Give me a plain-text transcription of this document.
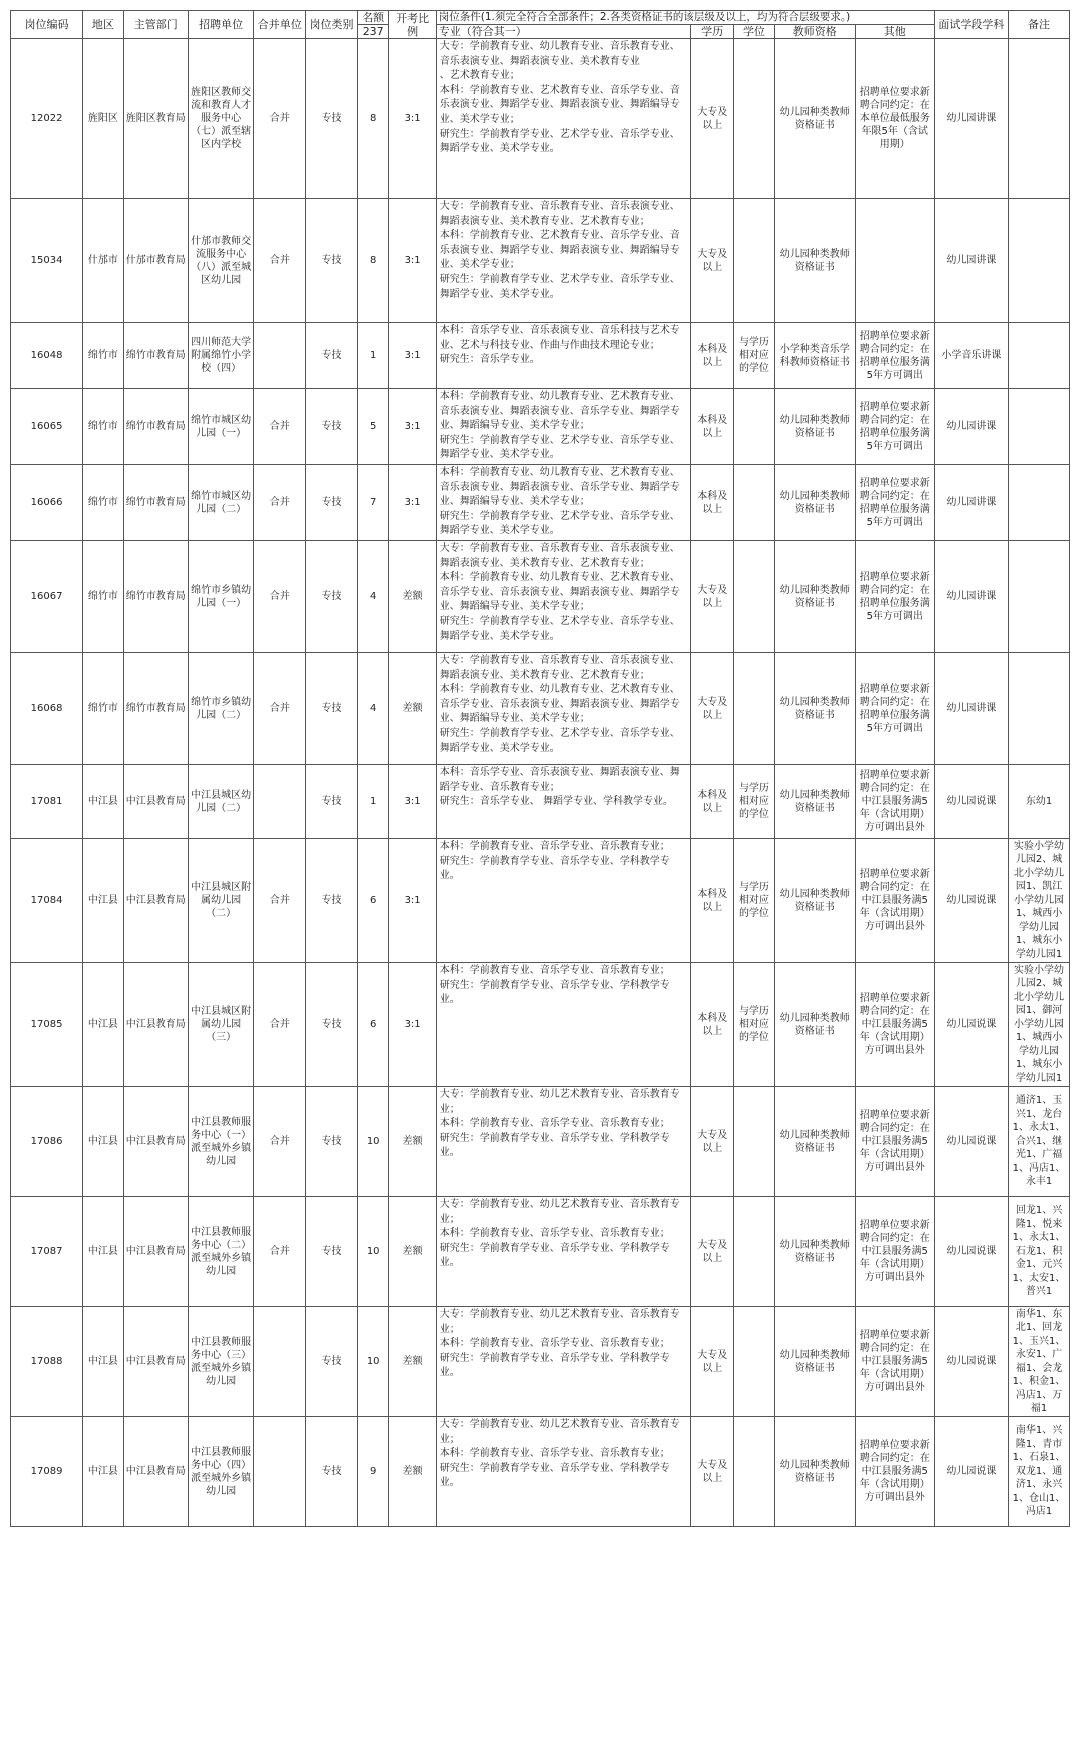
岗位编码	地区	主管部门	招聘单位	合并单位	岗位类别	名额	开考比例	岗位条件(1.须完全符合全部条件；2.各类资格证书的该层级及以上，均为符合层级要求。)					面试学段学科	备注
						237		专业（符合其一）	学历	学位	教师资格	其他		
12022	旌阳区	旌阳区教育局	旌阳区教师交流和教育人才服务中心（七）派至辖区内学校	合并	专技	8	3:1	大专：学前教育专业、幼儿教育专业、音乐教育专业、音乐表演专业、舞蹈表演专业、美术教育专业
、艺术教育专业；
本科：学前教育专业、艺术教育专业、音乐学专业、音乐表演专业、舞蹈学专业、舞蹈表演专业、舞蹈编导专业、美术学专业；
研究生：学前教育学专业、艺术学专业、音乐学专业、舞蹈学专业、美术学专业。	大专及以上		幼儿园种类教师资格证书	招聘单位要求新聘合同约定：在本单位最低服务年限5年（含试用期）	幼儿园讲课	
15034	什邡市	什邡市教育局	什邡市教师交流服务中心（八）派至城区幼儿园	合并	专技	8	3:1	大专：学前教育专业、音乐教育专业、音乐表演专业、舞蹈表演专业、美术教育专业、艺术教育专业；
本科：学前教育专业、艺术教育专业、音乐学专业、音乐表演专业、舞蹈学专业、舞蹈表演专业、舞蹈编导专业、美术学专业；
研究生：学前教育学专业、艺术学专业、音乐学专业、舞蹈学专业、美术学专业。	大专及以上		幼儿园种类教师资格证书		幼儿园讲课	
16048	绵竹市	绵竹市教育局	四川师范大学附属绵竹小学校（四）		专技	1	3:1	本科：音乐学专业、音乐表演专业、音乐科技与艺术专业、艺术与科技专业、作曲与作曲技术理论专业；
研究生：音乐学专业。	本科及以上	与学历相对应的学位	小学种类音乐学科教师资格证书	招聘单位要求新聘合同约定：在招聘单位服务满5年方可调出	小学音乐讲课	
16065	绵竹市	绵竹市教育局	绵竹市城区幼儿园（一）	合并	专技	5	3:1	本科：学前教育专业、幼儿教育专业、艺术教育专业、音乐表演专业、舞蹈表演专业、音乐学专业、舞蹈学专业、舞蹈编导专业、美术学专业；
研究生：学前教育学专业、艺术学专业、音乐学专业、舞蹈学专业、美术学专业。	本科及以上		幼儿园种类教师资格证书	招聘单位要求新聘合同约定：在招聘单位服务满5年方可调出	幼儿园讲课	
16066	绵竹市	绵竹市教育局	绵竹市城区幼儿园（二）	合并	专技	7	3:1	本科：学前教育专业、幼儿教育专业、艺术教育专业、音乐表演专业、舞蹈表演专业、音乐学专业、舞蹈学专业、舞蹈编导专业、美术学专业；
研究生：学前教育学专业、艺术学专业、音乐学专业、舞蹈学专业、美术学专业。	本科及以上		幼儿园种类教师资格证书	招聘单位要求新聘合同约定：在招聘单位服务满5年方可调出	幼儿园讲课	
16067	绵竹市	绵竹市教育局	绵竹市乡镇幼儿园（一）	合并	专技	4	差额	大专：学前教育专业、音乐教育专业、音乐表演专业、舞蹈表演专业、美术教育专业、艺术教育专业；
本科：学前教育专业、幼儿教育专业、艺术教育专业、音乐学专业、音乐表演专业、舞蹈表演专业、舞蹈学专业、舞蹈编导专业、美术学专业；
研究生：学前教育学专业、艺术学专业、音乐学专业、舞蹈学专业、美术学专业。	大专及以上		幼儿园种类教师资格证书	招聘单位要求新聘合同约定：在招聘单位服务满5年方可调出	幼儿园讲课	
16068	绵竹市	绵竹市教育局	绵竹市乡镇幼儿园（二）	合并	专技	4	差额	大专：学前教育专业、音乐教育专业、音乐表演专业、舞蹈表演专业、美术教育专业、艺术教育专业；
本科：学前教育专业、幼儿教育专业、艺术教育专业、音乐学专业、音乐表演专业、舞蹈表演专业、舞蹈学专业、舞蹈编导专业、美术学专业；
研究生：学前教育学专业、艺术学专业、音乐学专业、舞蹈学专业、美术学专业。	大专及以上		幼儿园种类教师资格证书	招聘单位要求新聘合同约定：在招聘单位服务满5年方可调出	幼儿园讲课	
17081	中江县	中江县教育局	中江县城区幼儿园（二）		专技	1	3:1	本科：音乐学专业、音乐表演专业、舞蹈表演专业、舞蹈学专业、音乐教育专业；
研究生：音乐学专业、 舞蹈学专业、学科教学专业。	本科及以上	与学历相对应的学位	幼儿园种类教师资格证书	招聘单位要求新聘合同约定：在中江县服务满5年（含试用期）方可调出县外	幼儿园说课	东幼1
17084	中江县	中江县教育局	中江县城区附属幼儿园（二）	合并	专技	6	3:1	本科：学前教育专业、音乐学专业、音乐教育专业；
研究生：学前教育学专业、音乐学专业、学科教学专业。	本科及以上	与学历相对应的学位	幼儿园种类教师资格证书	招聘单位要求新聘合同约定：在中江县服务满5年（含试用期）方可调出县外	幼儿园说课	实验小学幼儿园2、城北小学幼儿园1、凯江小学幼儿园1、城西小学幼儿园1、城东小学幼儿园1
17085	中江县	中江县教育局	中江县城区附属幼儿园（三）	合并	专技	6	3:1	本科：学前教育专业、音乐学专业、音乐教育专业；
研究生：学前教育学专业、音乐学专业、学科教学专业。	本科及以上	与学历相对应的学位	幼儿园种类教师资格证书	招聘单位要求新聘合同约定：在中江县服务满5年（含试用期）方可调出县外	幼儿园说课	实验小学幼儿园2、城北小学幼儿园1、御河小学幼儿园1、城西小学幼儿园1、城东小学幼儿园1
17086	中江县	中江县教育局	中江县教师服务中心（一）派至城外乡镇幼儿园	合并	专技	10	差额	大专：学前教育专业、幼儿艺术教育专业、音乐教育专业；
本科：学前教育专业、音乐学专业、音乐教育专业；
研究生：学前教育学专业、音乐学专业、学科教学专业。	大专及以上		幼儿园种类教师资格证书	招聘单位要求新聘合同约定：在中江县服务满5年（含试用期）方可调出县外	幼儿园说课	通济1、玉兴1、龙台1、永太1、合兴1、继光1、广福1、冯店1、永丰1
17087	中江县	中江县教育局	中江县教师服务中心（二）派至城外乡镇幼儿园	合并	专技	10	差额	大专：学前教育专业、幼儿艺术教育专业、音乐教育专业；
本科：学前教育专业、音乐学专业、音乐教育专业；
研究生：学前教育学专业、音乐学专业、学科教学专业。	大专及以上		幼儿园种类教师资格证书	招聘单位要求新聘合同约定：在中江县服务满5年（含试用期）方可调出县外	幼儿园说课	回龙1、兴隆1、悦来1、永太1、石龙1、积金1、元兴1、太安1、普兴1
17088	中江县	中江县教育局	中江县教师服务中心（三）派至城外乡镇幼儿园		专技	10	差额	大专：学前教育专业、幼儿艺术教育专业、音乐教育专业；
本科：学前教育专业、音乐学专业、音乐教育专业；
研究生：学前教育学专业、音乐学专业、学科教学专业。	大专及以上		幼儿园种类教师资格证书	招聘单位要求新聘合同约定：在中江县服务满5年（含试用期）方可调出县外	幼儿园说课	南华1、东北1、回龙1、玉兴1、永安1、广福1、会龙1、积金1、冯店1、万福1
17089	中江县	中江县教育局	中江县教师服务中心（四）派至城外乡镇幼儿园		专技	9	差额	大专：学前教育专业、幼儿艺术教育专业、音乐教育专业；
本科：学前教育专业、音乐学专业、音乐教育专业；
研究生：学前教育学专业、音乐学专业、学科教学专业。	大专及以上		幼儿园种类教师资格证书	招聘单位要求新聘合同约定：在中江县服务满5年（含试用期）方可调出县外	幼儿园说课	南华1、兴隆1、青市1、石泉1、双龙1、通济1、永兴1、仓山1、冯店1
